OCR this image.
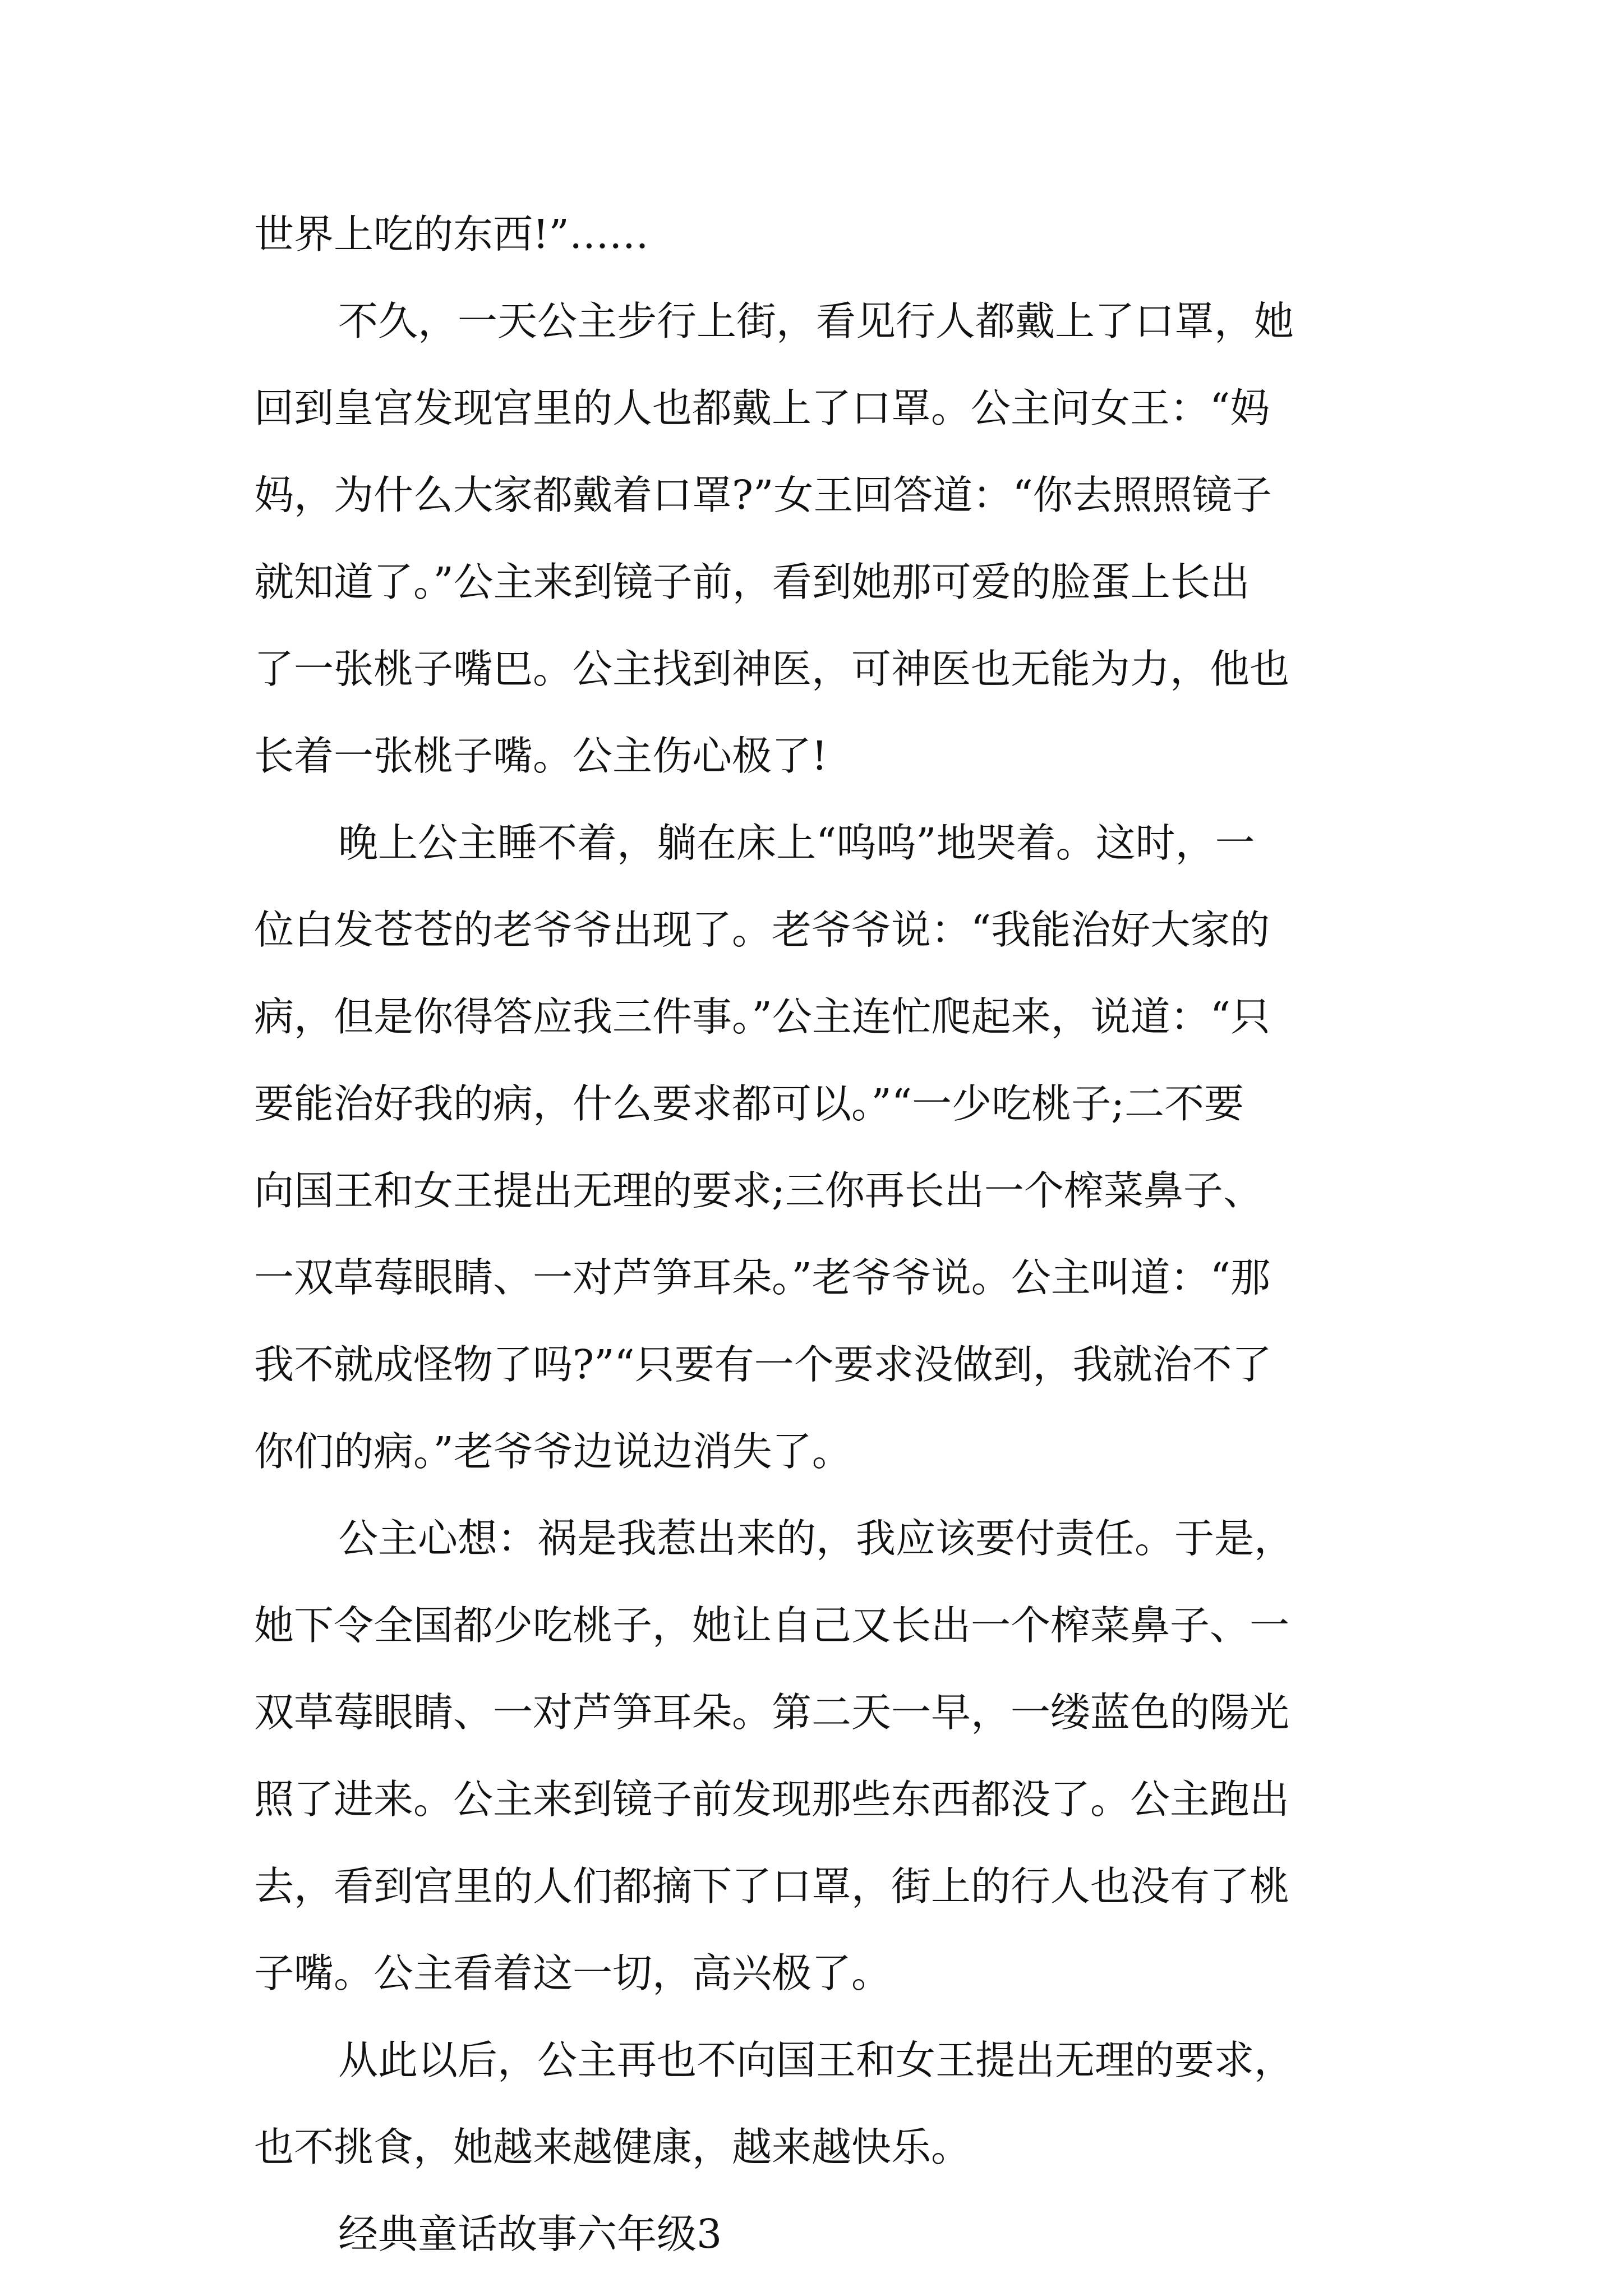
世界上吃的东西!”……
不久，一天公主步行上街，看见行人都戴上了口罩，她
回到皇宫发现宫里的人也都戴上了口罩。公主问女王：“妈
妈，为什么大家都戴着口罩?”女王回答道：“你去照照镜子
就知道了。”公主来到镜子前，看到她那可爱的脸蛋上长出
了一张桃子嘴巴。公主找到神医，可神医也无能为力，他也
长着一张桃子嘴。公主伤心极了!
晚上公主睡不着，躺在床上“呜呜”地哭着。这时，一
位白发苍苍的老爷爷出现了。老爷爷说：“我能治好大家的
病，但是你得答应我三件事。”公主连忙爬起来，说道：“只
要能治好我的病，什么要求都可以。”“一少吃桃子;二不要
向国王和女王提出无理的要求;三你再长出一个榨菜鼻子、
一双草莓眼睛、一对芦笋耳朵。”老爷爷说。公主叫道：“那
我不就成怪物了吗?”“只要有一个要求没做到，我就治不了
你们的病。”老爷爷边说边消失了。
公主心想：祸是我惹出来的，我应该要付责任。于是，
她下令全国都少吃桃子，她让自己又长出一个榨菜鼻子、一
双草莓眼睛、一对芦笋耳朵。第二天一早，一缕蓝色的陽光
照了进来。公主来到镜子前发现那些东西都没了。公主跑出
去，看到宫里的人们都摘下了口罩，街上的行人也没有了桃
子嘴。公主看着这一切，高兴极了。
从此以后，公主再也不向国王和女王提出无理的要求，
也不挑食，她越来越健康，越来越快乐。
经典童话故事六年级3
